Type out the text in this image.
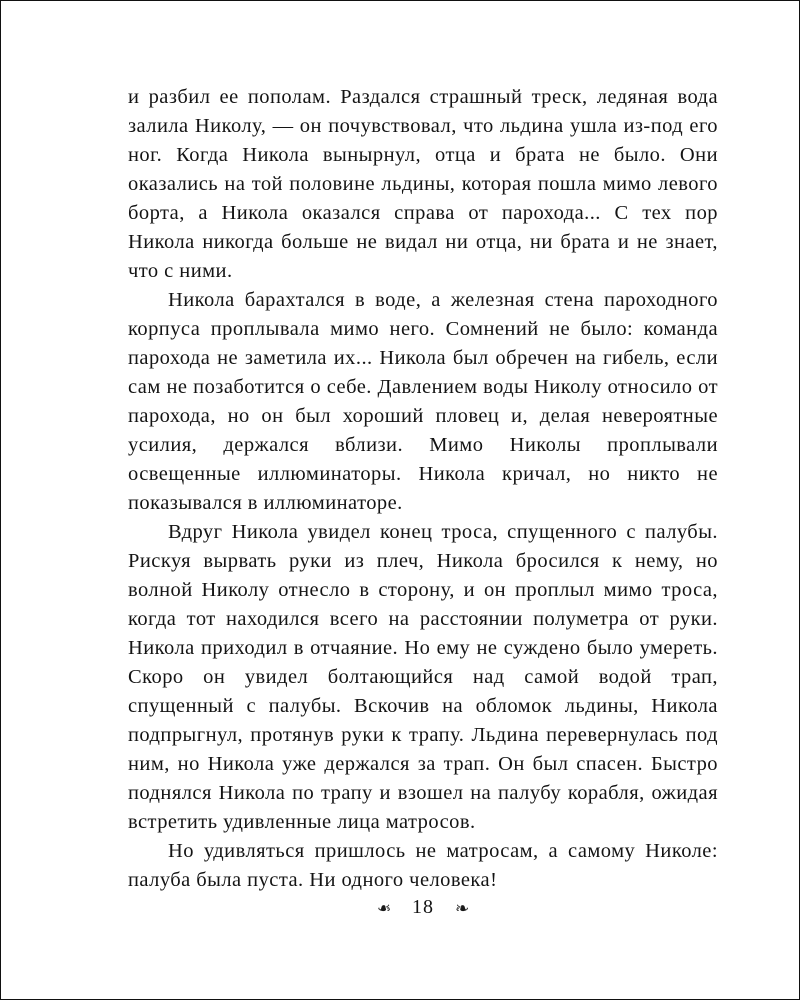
и разбил ее пополам. Раздался страшный треск, ледяная вода залила Николу, — он почувствовал, что льдина ушла из-под его ног. Когда Никола вынырнул, отца и брата не было. Они оказались на той половине льдины, которая пошла мимо левого борта, а Никола оказался справа от парохода... С тех пор Никола никогда больше не видал ни отца, ни брата и не знает, что с ними.

Никола барахтался в воде, а железная стена пароходного корпуса проплывала мимо него. Сомнений не было: команда парохода не заметила их... Никола был обречен на гибель, если сам не позаботится о себе. Давлением воды Николу относило от парохода, но он был хороший пловец и, делая невероятные усилия, держался вблизи. Мимо Николы проплывали освещенные иллюминаторы. Никола кричал, но никто не показывался в иллюминаторе.

Вдруг Никола увидел конец троса, спущенного с палубы. Рискуя вырвать руки из плеч, Никола бросился к нему, но волной Николу отнесло в сторону, и он проплыл мимо троса, когда тот находился всего на расстоянии полуметра от руки. Никола приходил в отчаяние. Но ему не суждено было умереть. Скоро он увидел болтающийся над самой водой трап, спущенный с палубы. Вскочив на обломок льдины, Никола подпрыгнул, протянув руки к трапу. Льдина перевернулась под ним, но Никола уже держался за трап. Он был спасен. Быстро поднялся Никола по трапу и взошел на палубу корабля, ожидая встретить удивленные лица матросов.

Но удивляться пришлось не матросам, а самому Николе: палуба была пуста. Ни одного человека!

❧ 18 ❧
